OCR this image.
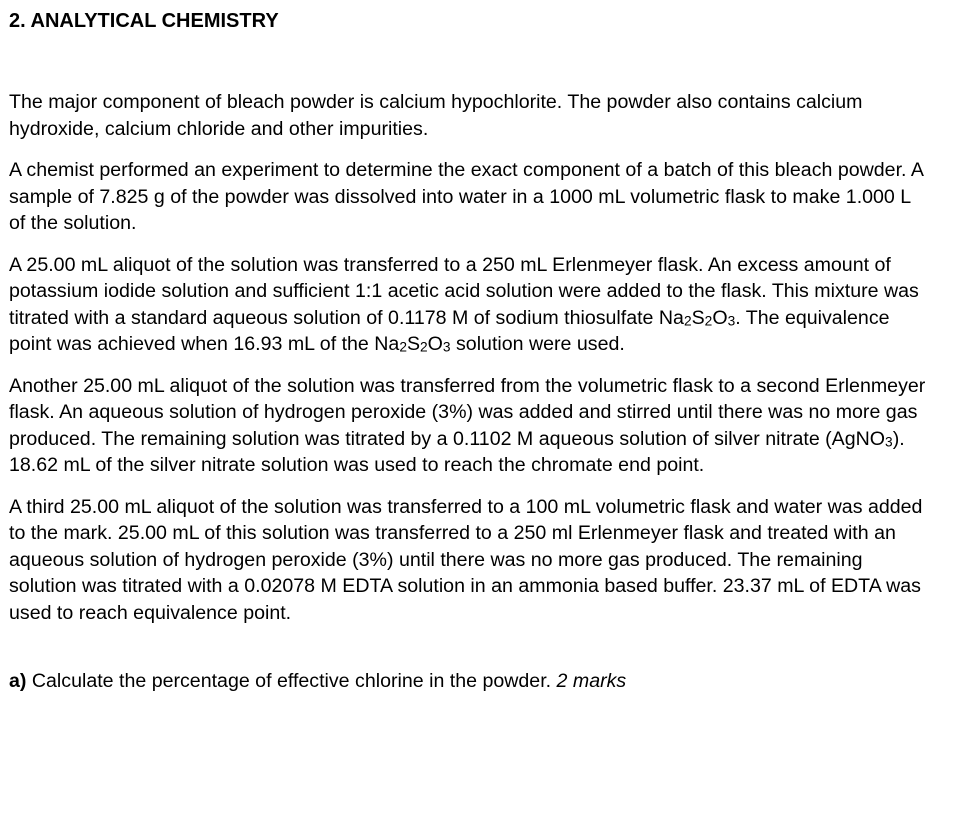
2. ANALYTICAL CHEMISTRY

The major component of bleach powder is calcium hypochlorite. The powder also contains calcium hydroxide, calcium chloride and other impurities.

A chemist performed an experiment to determine the exact component of a batch of this bleach powder. A sample of 7.825 g of the powder was dissolved into water in a 1000 mL volumetric flask to make 1.000 L of the solution.

A 25.00 mL aliquot of the solution was transferred to a 250 mL Erlenmeyer flask. An excess amount of potassium iodide solution and sufficient 1:1 acetic acid solution were added to the flask. This mixture was titrated with a standard aqueous solution of 0.1178 M of sodium thiosulfate $Na_2S_2O_3$. The equivalence point was achieved when 16.93 mL of the $Na_2S_2O_3$ solution were used.

Another 25.00 mL aliquot of the solution was transferred from the volumetric flask to a second Erlenmeyer flask. An aqueous solution of hydrogen peroxide (3%) was added and stirred until there was no more gas produced. The remaining solution was titrated by a 0.1102 M aqueous solution of silver nitrate (AgNO$_3$). 18.62 mL of the silver nitrate solution was used to reach the chromate end point.

A third 25.00 mL aliquot of the solution was transferred to a 100 mL volumetric flask and water was added to the mark. 25.00 mL of this solution was transferred to a 250 ml Erlenmeyer flask and treated with an aqueous solution of hydrogen peroxide (3%) until there was no more gas produced. The remaining solution was titrated with a 0.02078 M EDTA solution in an ammonia based buffer. 23.37 mL of EDTA was used to reach equivalence point.

a) Calculate the percentage of effective chlorine in the powder. 2 marks
